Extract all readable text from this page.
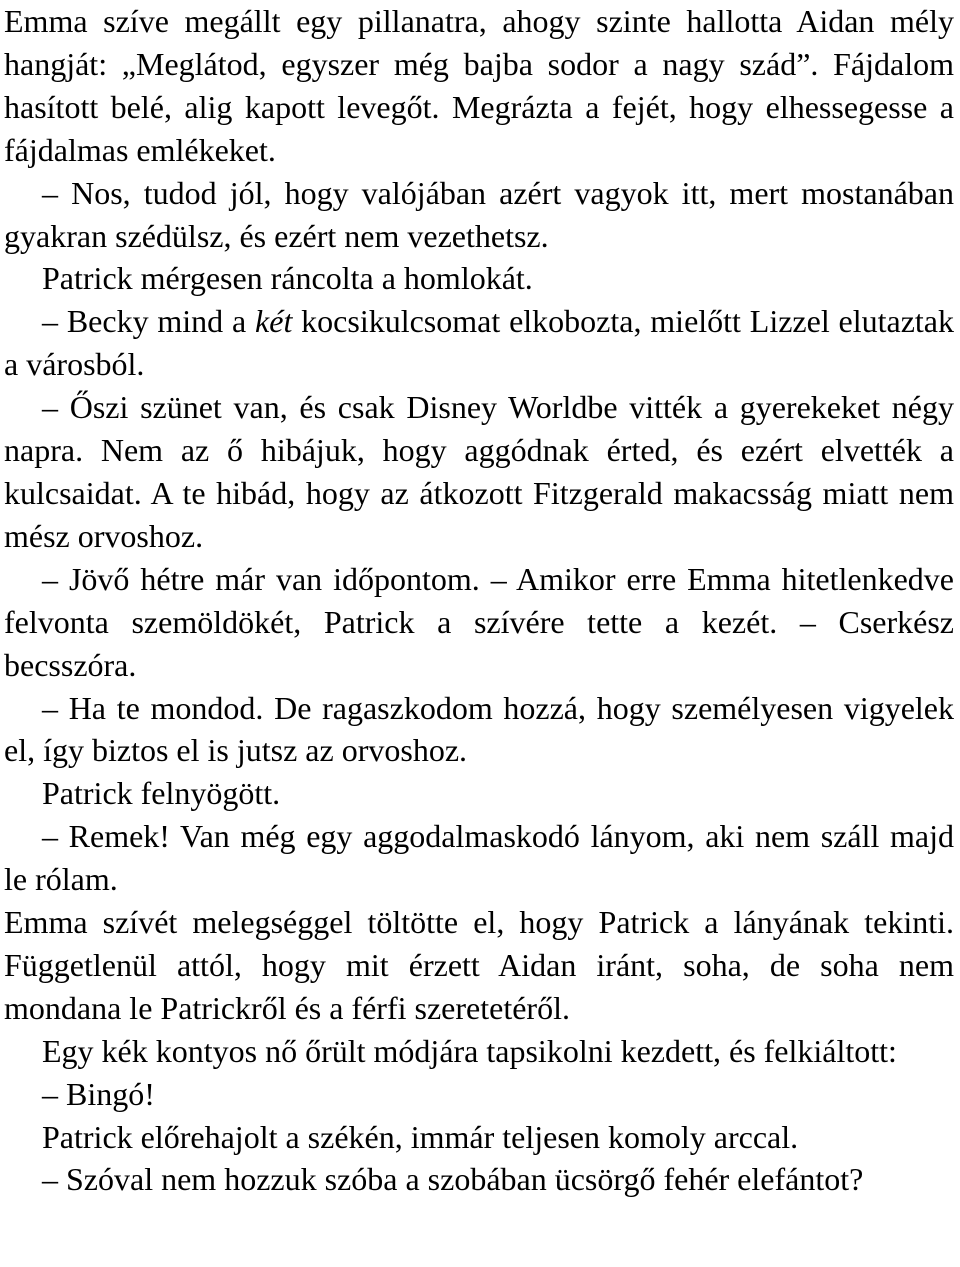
Emma szíve megállt egy pillanatra, ahogy szinte hallotta Aidan mély hangját: „Meglátod, egyszer még bajba sodor a nagy szád”. Fájdalom hasított belé, alig kapott levegőt. Megrázta a fejét, hogy elhessegesse a fájdalmas emlékeket.

– Nos, tudod jól, hogy valójában azért vagyok itt, mert mostanában gyakran szédülsz, és ezért nem vezethetsz.

Patrick mérgesen ráncolta a homlokát.

– Becky mind a két kocsikulcsomat elkobozta, mielőtt Lizzel elutaztak a városból.

– Őszi szünet van, és csak Disney Worldbe vitték a gyerekeket négy napra. Nem az ő hibájuk, hogy aggódnak érted, és ezért elvették a kulcsaidat. A te hibád, hogy az átkozott Fitzgerald makacsság miatt nem mész orvoshoz.

– Jövő hétre már van időpontom. – Amikor erre Emma hitetlenkedve felvonta szemöldökét, Patrick a szívére tette a kezét. – Cserkész becsszóra.

– Ha te mondod. De ragaszkodom hozzá, hogy személyesen vigyelek el, így biztos el is jutsz az orvoshoz.

Patrick felnyögött.

– Remek! Van még egy aggodalmaskodó lányom, aki nem száll majd le rólam.

Emma szívét melegséggel töltötte el, hogy Patrick a lányának tekinti. Függetlenül attól, hogy mit érzett Aidan iránt, soha, de soha nem mondana le Patrickről és a férfi szeretetéről.

Egy kék kontyos nő őrült módjára tapsikolni kezdett, és felkiáltott:

– Bingó!

Patrick előrehajolt a székén, immár teljesen komoly arccal.

– Szóval nem hozzuk szóba a szobában ücsörgő fehér elefántot?
